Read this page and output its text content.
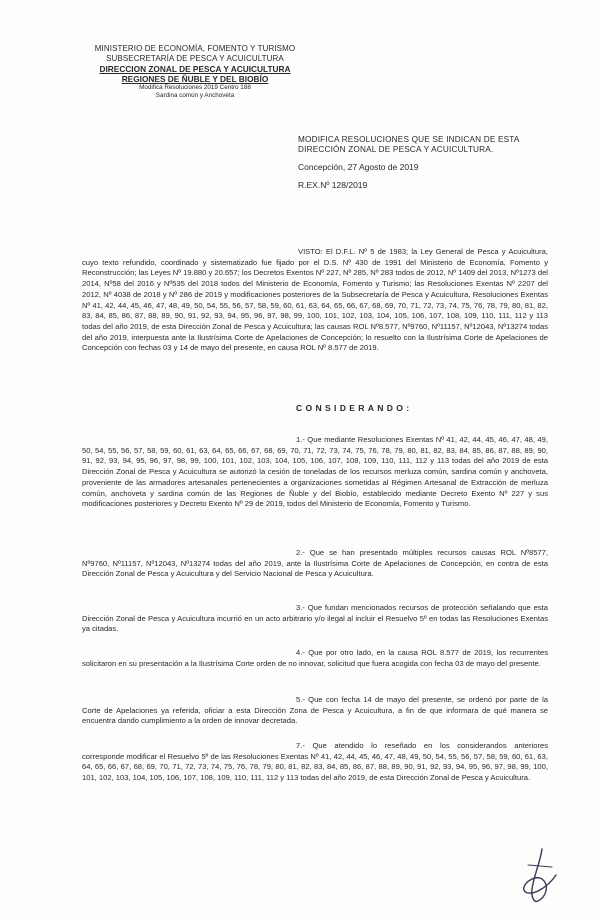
MINISTERIO DE ECONOMÍA, FOMENTO Y TURISMO
SUBSECRETARÍA DE PESCA Y ACUICULTURA
DIRECCION ZONAL DE PESCA Y ACUICULTURA
REGIONES DE ÑUBLE Y DEL BIOBÍO
Modifica Resoluciones 2019 Centro 188
Sardina común y Anchoveta
MODIFICA RESOLUCIONES QUE SE INDICAN DE ESTA DIRECCIÓN ZONAL DE PESCA Y ACUICULTURA.
Concepción, 27 Agosto de 2019
R.EX.Nº 128/2019

VISTO: El D.F.L. Nº 5 de 1983; la Ley General de Pesca y Acuicultura, cuyo texto refundido, coordinado y sistematizado fue fijado por el D.S. Nº 430 de 1991 del Ministerio de Economía, Fomento y Reconstrucción; las Leyes Nº 19.880 y 20.657; los Decretos Exentos Nº 227, Nº 285, Nº 283 todos de 2012, Nº 1409 del 2013, Nº1273 del 2014, Nº58 del 2016 y Nº535 del 2018 todos del Ministerio de Economía, Fomento y Turismo; las Resoluciones Exentas Nº 2207 del 2012, Nº 4038 de 2018 y Nº 286 de 2019 y modificaciones posteriores de la Subsecretaría de Pesca y Acuicultura, Resoluciones Exentas Nº 41, 42, 44, 45, 46, 47, 48, 49, 50, 54, 55, 56, 57, 58, 59, 60, 61, 63, 64, 65, 66, 67, 68, 69, 70, 71, 72, 73, 74, 75, 76, 78, 79, 80, 81, 82, 83, 84, 85, 86, 87, 88, 89, 90, 91, 92, 93, 94, 95, 96, 97, 98, 99, 100, 101, 102, 103, 104, 105, 106, 107, 108, 109, 110, 111, 112 y 113 todas del año 2019, de esta Dirección Zonal de Pesca y Acuicultura; las causas ROL Nº8.577, Nº9760, Nº11157, Nº12043, Nº13274 todas del año 2019, interpuesta ante la Ilustrísima Corte de Apelaciones de Concepción; lo resuelto con la Ilustrísima Corte de Apelaciones de Concepción con fechas 03 y 14 de mayo del presente, en causa ROL Nº 8.577 de 2019.

CONSIDERANDO:

1.- Que mediante Resoluciones Exentas Nº 41, 42, 44, 45, 46, 47, 48, 49, 50, 54, 55, 56, 57, 58, 59, 60, 61, 63, 64, 65, 66, 67, 68, 69, 70, 71, 72, 73, 74, 75, 76, 78, 79, 80, 81, 82, 83, 84, 85, 86, 87, 88, 89, 90, 91, 92, 93, 94, 95, 96, 97, 98, 99, 100, 101, 102, 103, 104, 105, 106, 107, 108, 109, 110, 111, 112 y 113 todas del año 2019 de esta Dirección Zonal de Pesca y Acuicultura se autorizó la cesión de toneladas de los recursos merluza común, sardina común y anchoveta, proveniente de las armadores artesanales pertenecientes a organizaciones sometidas al Régimen Artesanal de Extracción de merluza común, anchoveta y sardina común de las Regiones de Ñuble y del Biobío, establecido mediante Decreto Exento Nº 227 y sus modificaciones posteriores y Decreto Exento Nº 29 de 2019, todos del Ministerio de Economía, Fomento y Turismo.

2.- Que se han presentado múltiples recursos causas ROL Nº8577, Nº9760, Nº11157, Nº12043, Nº13274 todas del año 2019, ante la Ilustrísima Corte de Apelaciones de Concepción, en contra de esta Dirección Zonal de Pesca y Acuicultura y del Servicio Nacional de Pesca y Acuicultura.

3.- Que fundan mencionados recursos de protección señalando que esta Dirección Zonal de Pesca y Acuicultura incurrió en un acto arbitrario y/o ilegal al incluir el Resuelvo 5º en todas las Resoluciones Exentas ya citadas.

4.- Que por otro lado, en la causa ROL 8.577 de 2019, los recurrentes solicitaron en su presentación a la Ilustrísima Corte orden de no innovar, solicitud que fuera acogida con fecha 03 de mayo del presente.

5.- Que con fecha 14 de mayo del presente, se ordenó por parte de la Corte de Apelaciones ya referida, oficiar a esta Dirección Zona de Pesca y Acuicultura, a fin de que informara de qué manera se encuentra dando cumplimiento a la orden de innovar decretada.

7.- Que atendido lo reseñado en los considerandos anteriores corresponde modificar el Resuelvo 5º de las Resoluciones Exentas Nº 41, 42, 44, 45, 46, 47, 48, 49, 50, 54, 55, 56, 57, 58, 59, 60, 61, 63, 64, 65, 66, 67, 68, 69, 70, 71, 72, 73, 74, 75, 76, 78, 79, 80, 81, 82, 83, 84, 85, 86, 87, 88, 89, 90, 91, 92, 93, 94, 95, 96, 97, 98, 99, 100, 101, 102, 103, 104, 105, 106, 107, 108, 109, 110, 111, 112 y 113 todas del año 2019, de esta Dirección Zonal de Pesca y Acuicultura.
